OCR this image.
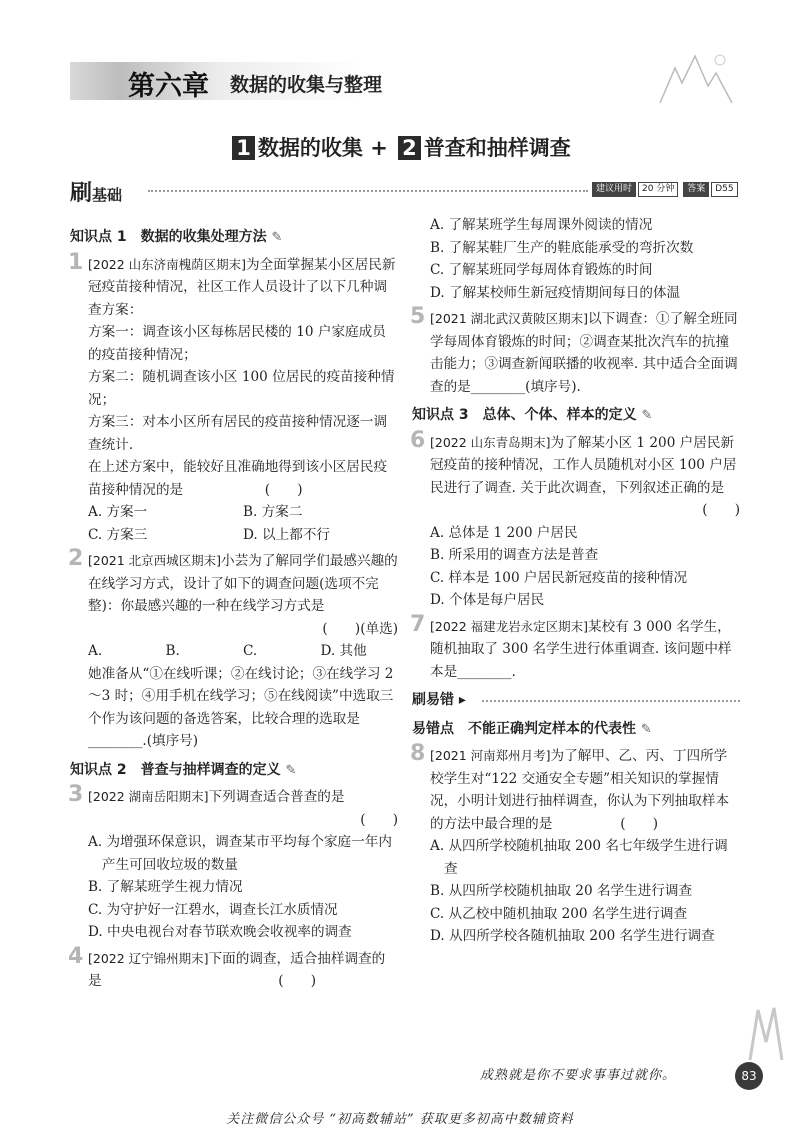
第六章 数据的收集与整理
1 数据的收集 + 2 普查和抽样调查
刷基础	建议用时 20 分钟 答案 D55
知识点 1　数据的收集处理方法 ✎
1 [2022 山东济南槐荫区期末]为全面掌握某小区居民新冠疫苗接种情况，社区工作人员设计了以下几种调查方案：

方案一：调查该小区每栋居民楼的 10 户家庭成员的疫苗接种情况；

方案二：随机调查该小区 100 位居民的疫苗接种情况；

方案三：对本小区所有居民的疫苗接种情况逐一调查统计.

在上述方案中，能较好且准确地得到该小区居民疫苗接种情况的是　　　　　　(　　)

A. 方案一	B. 方案二
C. 方案三	D. 以上都不行
2 [2021 北京西城区期末]小芸为了解同学们最感兴趣的在线学习方式，设计了如下的调查问题(选项不完整)：你最感兴趣的一种在线学习方式是

(　　)(单选)

A.	B.	C.	D. 其他

她准备从“①在线听课；②在线讨论；③在线学习 2～3 时；④用手机在线学习；⑤在线阅读”中选取三个作为该问题的备选答案，比较合理的选取是________.(填序号)

知识点 2　普查与抽样调查的定义 ✎
3 [2022 湖南岳阳期末]下列调查适合普查的是

(　　)

A. 为增强环保意识，调查某市平均每个家庭一年内产生可回收垃圾的数量

B. 了解某班学生视力情况

C. 为守护好一江碧水，调查长江水质情况

D. 中央电视台对春节联欢晚会收视率的调查

4 [2022 辽宁锦州期末]下面的调查，适合抽样调查的是　　　　　　　　　　　　　(　　)

A. 了解某班学生每周课外阅读的情况

B. 了解某鞋厂生产的鞋底能承受的弯折次数

C. 了解某班同学每周体育锻炼的时间

D. 了解某校师生新冠疫情期间每日的体温

5 [2021 湖北武汉黄陂区期末]以下调查：①了解全班同学每周体育锻炼的时间；②调查某批次汽车的抗撞击能力；③调查新闻联播的收视率. 其中适合全面调查的是________(填序号).

知识点 3　总体、个体、样本的定义 ✎
6 [2022 山东青岛期末]为了解某小区 1 200 户居民新冠疫苗的接种情况，工作人员随机对小区 100 户居民进行了调查. 关于此次调查，下列叙述正确的是

(　　)

A. 总体是 1 200 户居民

B. 所采用的调查方法是普查

C. 样本是 100 户居民新冠疫苗的接种情况

D. 个体是每户居民

7 [2022 福建龙岩永定区期末]某校有 3 000 名学生，随机抽取了 300 名学生进行体重调查. 该问题中样本是________.

刷易错 ▸
易错点　不能正确判定样本的代表性 ✎
8 [2021 河南郑州月考]为了解甲、乙、丙、丁四所学校学生对“122 交通安全专题”相关知识的掌握情况，小明计划进行抽样调查，你认为下列抽取样本的方法中最合理的是　　　　　(　　)

A. 从四所学校随机抽取 200 名七年级学生进行调查

B. 从四所学校随机抽取 20 名学生进行调查

C. 从乙校中随机抽取 200 名学生进行调查

D. 从四所学校各随机抽取 200 名学生进行调查

成熟就是你不要求事事过就你。	83
关注微信公众号 “初高数辅站” 获取更多初高中数辅资料
